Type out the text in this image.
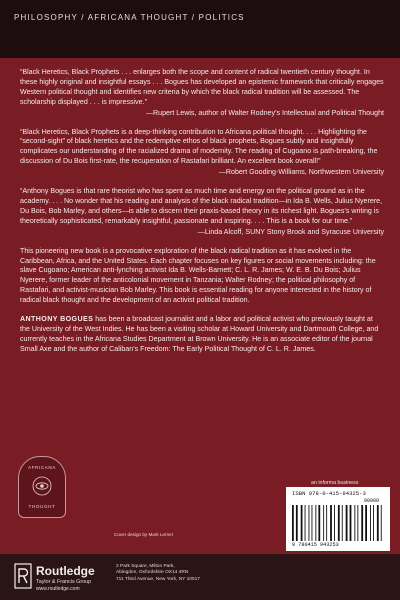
PHILOSOPHY / AFRICANA THOUGHT / POLITICS
“Black Heretics, Black Prophets . . . enlarges both the scope and content of radical twentieth century thought. In these highly original and insightful essays . . . Bogues has developed an epistemic framework that critically engages Western political thought and identifies new criteria by which the black radical tradition will be assessed. The scholarship displayed . . . is impressive.”
—Rupert Lewis, author of Walter Rodney’s Intellectual and Political Thought
“Black Heretics, Black Prophets is a deep-thinking contribution to Africana political thought. . . . Highlighting the “second-sight” of black heretics and the redemptive ethos of black prophets, Bogues subtly and insightfully complicates our understanding of the racialized drama of modernity. The reading of Cugoano is path-breaking, the discussion of Du Bois first-rate, the recuperation of Rastafari brilliant. An excellent book overall!”
—Robert Gooding-Williams, Northwestern University
“Anthony Bogues is that rare theorist who has spent as much time and energy on the political ground as in the academy. . . . No wonder that his reading and analysis of the black radical tradition—in Ida B. Wells, Julius Nyerere, Du Bois, Bob Marley, and others—is able to discern their praxis-based theory in its richest light. Bogues’s writing is theoretically sophisticated, remarkably insightful, passionate and inspiring. . . . This is a book for our time.”
—Linda Alcoff, SUNY Stony Brook and Syracuse University
This pioneering new book is a provocative exploration of the black radical tradition as it has evolved in the Caribbean, Africa, and the United States. Each chapter focuses on key figures or social movements including: the slave Cugoano; American anti-lynching activist Ida B. Wells-Barnett; C. L. R. James; W. E. B. Du Bois; Julius Nyerere, former leader of the anticolonial movement in Tanzania; Walter Rodney; the political philosophy of Rastafari, and activist-musician Bob Marley. This book is essential reading for anyone interested in the history of radical black thought and the development of an activist political tradition.
ANTHONY BOGUES has been a broadcast journalist and a labor and political activist who previously taught at the University of the West Indies. He has been a visiting scholar at Howard University and Dartmouth College, and currently teaches in the Africana Studies Department at Brown University. He is an associate editor of the journal Small Axe and the author of Caliban’s Freedom: The Early Political Thought of C. L. R. James.
AFRICANA
THOUGHT
Cover design by Mark Lerner
an informa business
ISBN 978-0-415-94325-3
90000
9 780415 943253
Routledge
Taylor & Francis Group
www.routledge.com
2 Park Square, Milton Park,
Abingdon, Oxfordshire OX14 4RN
711 Third Avenue, New York, NY 10017
